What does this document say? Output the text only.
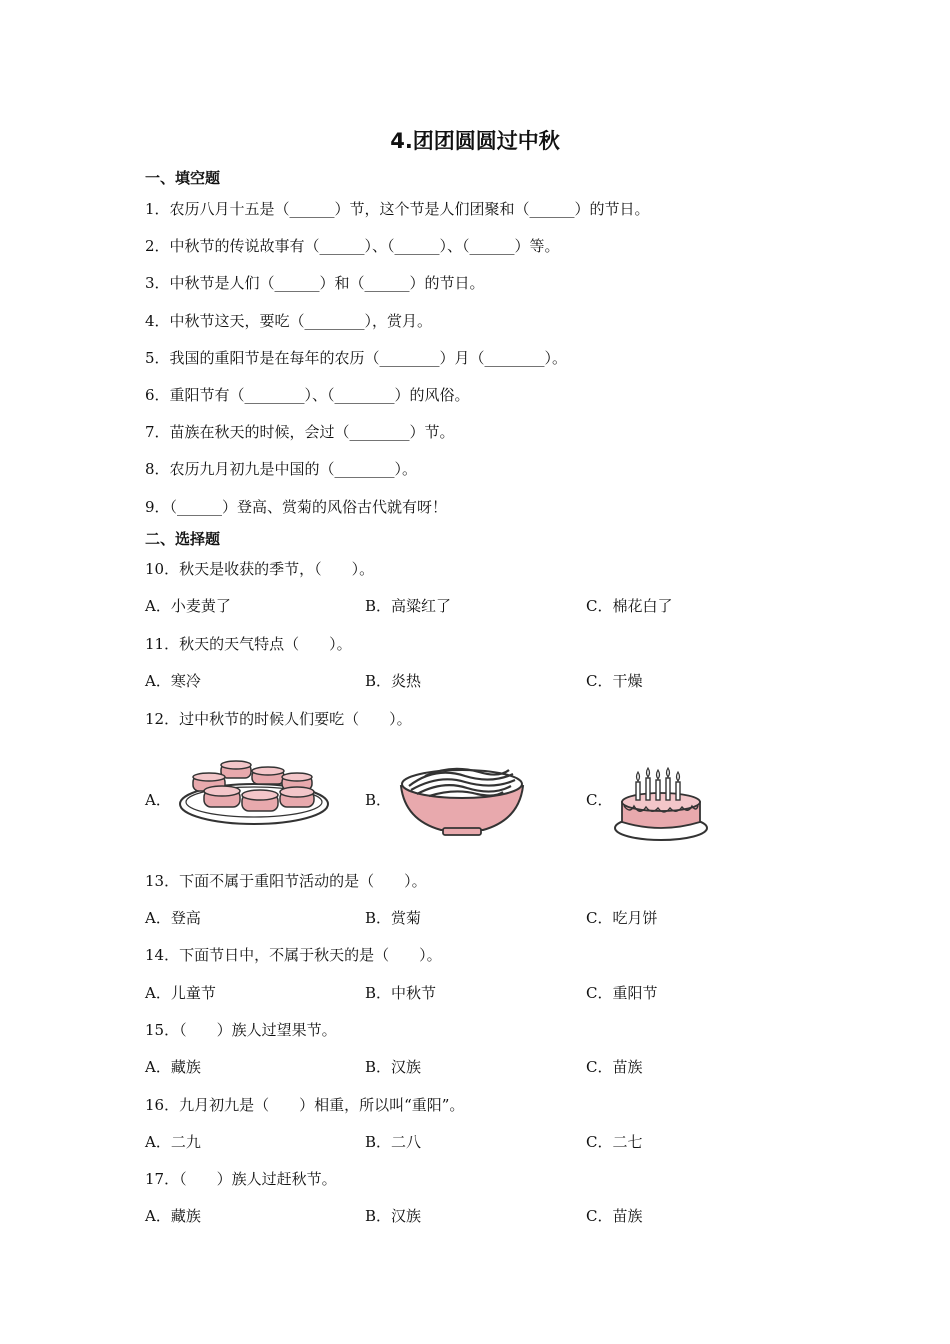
4.团团圆圆过中秋
一、填空题
1．农历八月十五是（______）节，这个节是人们团聚和（______）的节日。
2．中秋节的传说故事有（______）、（______）、（______）等。
3．中秋节是人们（______）和（______）的节日。
4．中秋节这天，要吃（________），赏月。
5．我国的重阳节是在每年的农历（________）月（________）。
6．重阳节有（________）、（________）的风俗。
7．苗族在秋天的时候，会过（________）节。
8．农历九月初九是中国的（________）。
9．（______）登高、赏菊的风俗古代就有呀！
二、选择题
10．秋天是收获的季节，（　　）。
A．小麦黄了	B．高粱红了	C．棉花白了
11．秋天的天气特点（　　）。
A．寒冷	B．炎热	C．干燥
12．过中秋节的时候人们要吃（　　）。
A．	B．	C．
13．下面不属于重阳节活动的是（　　）。
A．登高	B．赏菊	C．吃月饼
14．下面节日中，不属于秋天的是（　　）。
A．儿童节	B．中秋节	C．重阳节
15．（　　）族人过望果节。
A．藏族	B．汉族	C．苗族
16．九月初九是（　　）相重，所以叫“重阳”。
A．二九	B．二八	C．二七
17．（　　）族人过赶秋节。
A．藏族	B．汉族	C．苗族
